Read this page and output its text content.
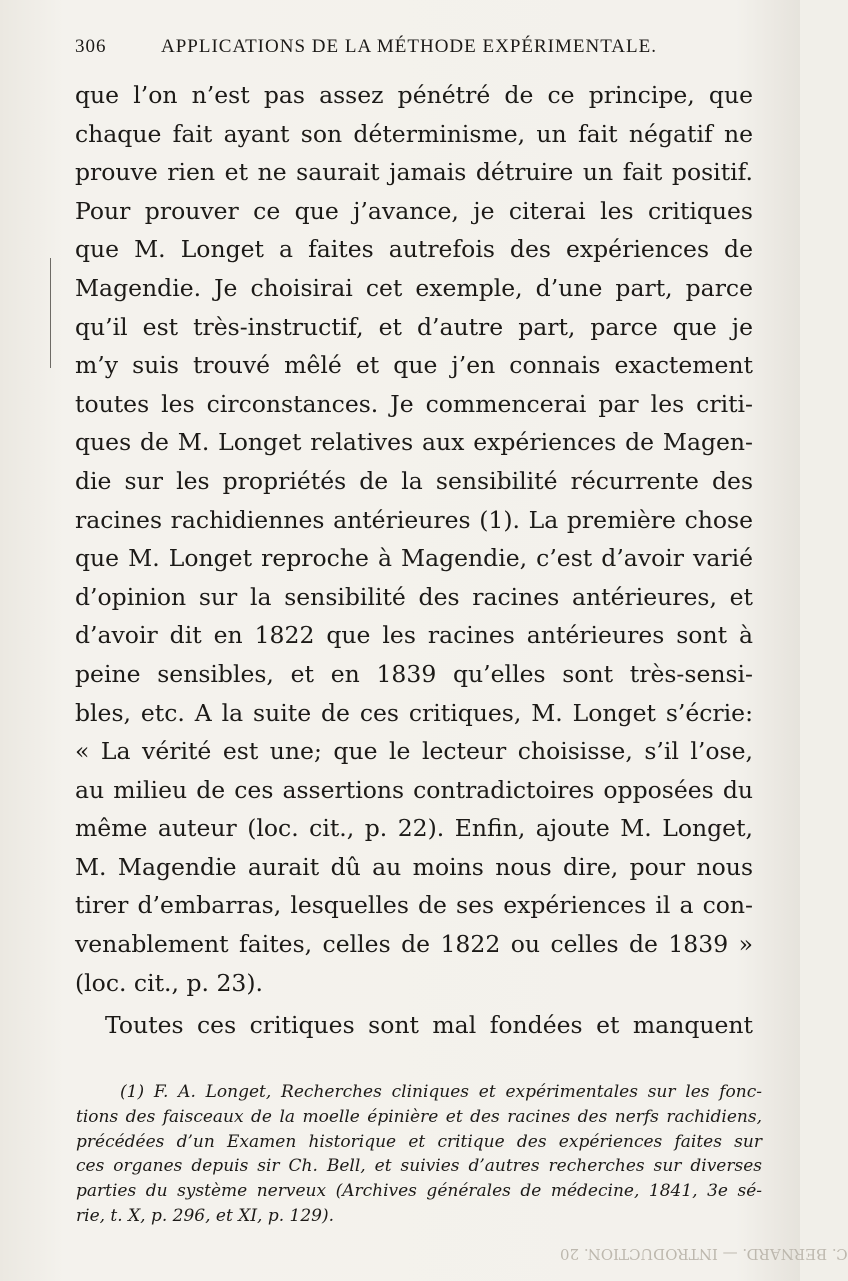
306	APPLICATIONS DE LA MÉTHODE EXPÉRIMENTALE.
que l’on n’est pas assez pénétré de ce principe, que
chaque fait ayant son déterminisme, un fait négatif ne
prouve rien et ne saurait jamais détruire un fait positif.
Pour prouver ce que j’avance, je citerai les critiques
que M. Longet a faites autrefois des expériences de
Magendie. Je choisirai cet exemple, d’une part, parce
qu’il est très-instructif, et d’autre part, parce que je
m’y suis trouvé mêlé et que j’en connais exactement
toutes les circonstances. Je commencerai par les criti-
ques de M. Longet relatives aux expériences de Magen-
die sur les propriétés de la sensibilité récurrente des
racines rachidiennes antérieures (1). La première chose
que M. Longet reproche à Magendie, c’est d’avoir varié
d’opinion sur la sensibilité des racines antérieures, et
d’avoir dit en 1822 que les racines antérieures sont à
peine sensibles, et en 1839 qu’elles sont très-sensi-
bles, etc. A la suite de ces critiques, M. Longet s’écrie:
« La vérité est une; que le lecteur choisisse, s’il l’ose,
au milieu de ces assertions contradictoires opposées du
même auteur (loc. cit., p. 22). Enfin, ajoute M. Longet,
M. Magendie aurait dû au moins nous dire, pour nous
tirer d’embarras, lesquelles de ses expériences il a con-
venablement faites, celles de 1822 ou celles de 1839 »
(loc. cit., p. 23).
Toutes ces critiques sont mal fondées et manquent
(1) F. A. Longet, Recherches cliniques et expérimentales sur les fonc-
tions des faisceaux de la moelle épinière et des racines des nerfs rachidiens,
précédées d’un Examen historique et critique des expériences faites sur
ces organes depuis sir Ch. Bell, et suivies d’autres recherches sur diverses
parties du système nerveux (Archives générales de médecine, 1841, 3e sé-
rie, t. X, p. 296, et XI, p. 129).
C. BERNARD. — INTRODUCTION. 20
